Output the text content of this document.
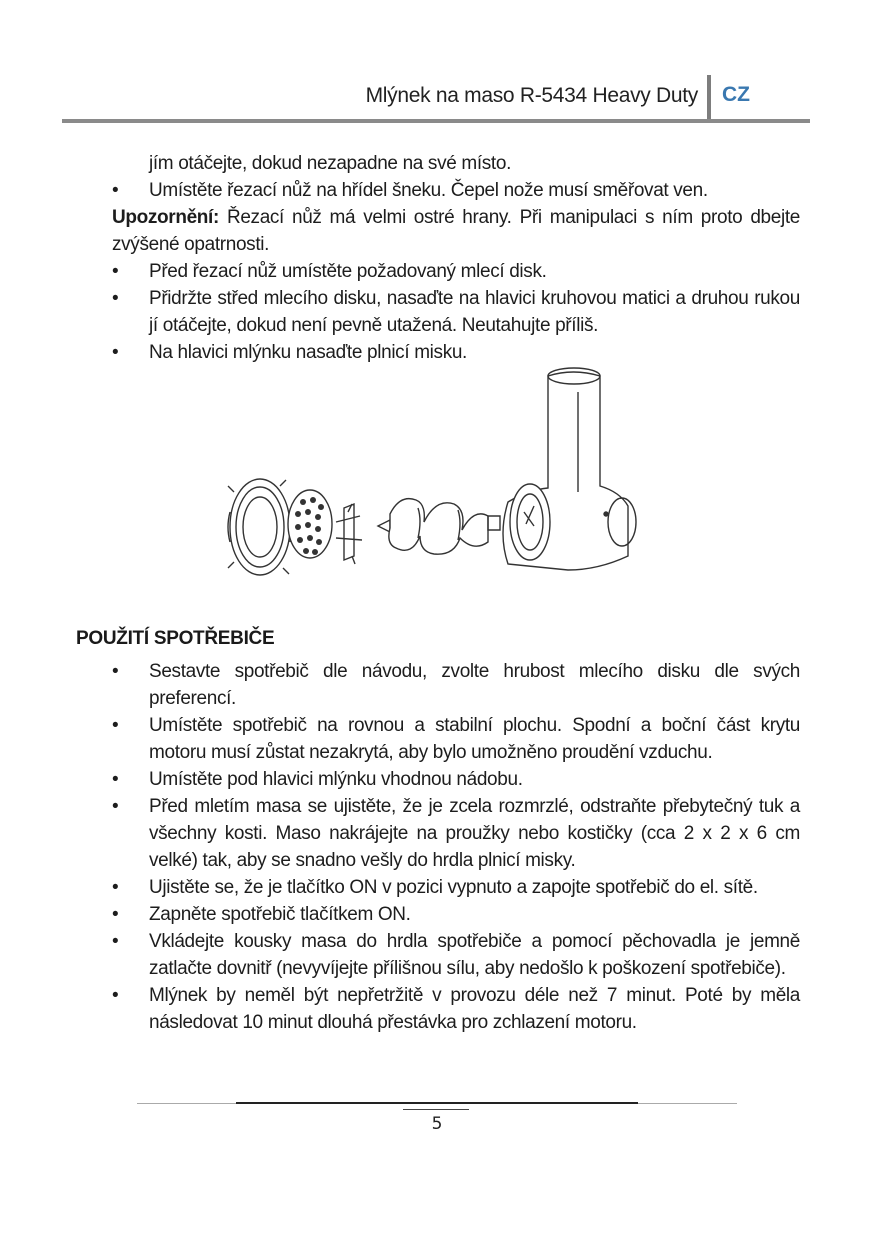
Mlýnek na maso R-5434 Heavy Duty CZ
jím otáčejte, dokud nezapadne na své místo.
• Umístěte řezací nůž na hřídel šneku. Čepel nože musí směřovat ven.
Upozornění: Řezací nůž má velmi ostré hrany. Při manipulaci s ním proto dbejte zvýšené opatrnosti.
• Před řezací nůž umístěte požadovaný mlecí disk.
• Přidržte střed mlecího disku, nasaďte na hlavici kruhovou matici a druhou rukou jí otáčejte, dokud není pevně utažená. Neutahujte příliš.
• Na hlavici mlýnku nasaďte plnicí misku.
POUŽITÍ SPOTŘEBIČE
• Sestavte spotřebič dle návodu, zvolte hrubost mlecího disku dle svých preferencí.
• Umístěte spotřebič na rovnou a stabilní plochu. Spodní a boční část krytu motoru musí zůstat nezakrytá, aby bylo umožněno proudění vzduchu.
• Umístěte pod hlavici mlýnku vhodnou nádobu.
• Před mletím masa se ujistěte, že je zcela rozmrzlé, odstraňte přebytečný tuk a všechny kosti. Maso nakrájejte na proužky nebo kostičky (cca 2 x 2 x 6 cm velké) tak, aby se snadno vešly do hrdla plnicí misky.
• Ujistěte se, že je tlačítko ON v pozici vypnuto a zapojte spotřebič do el. sítě.
• Zapněte spotřebič tlačítkem ON.
• Vkládejte kousky masa do hrdla spotřebiče a pomocí pěchovadla je jemně zatlačte dovnitř (nevyvíjejte přílišnou sílu, aby nedošlo k poškození spotřebiče).
• Mlýnek by neměl být nepřetržitě v provozu déle než 7 minut. Poté by měla následovat 10 minut dlouhá přestávka pro zchlazení motoru.
5
